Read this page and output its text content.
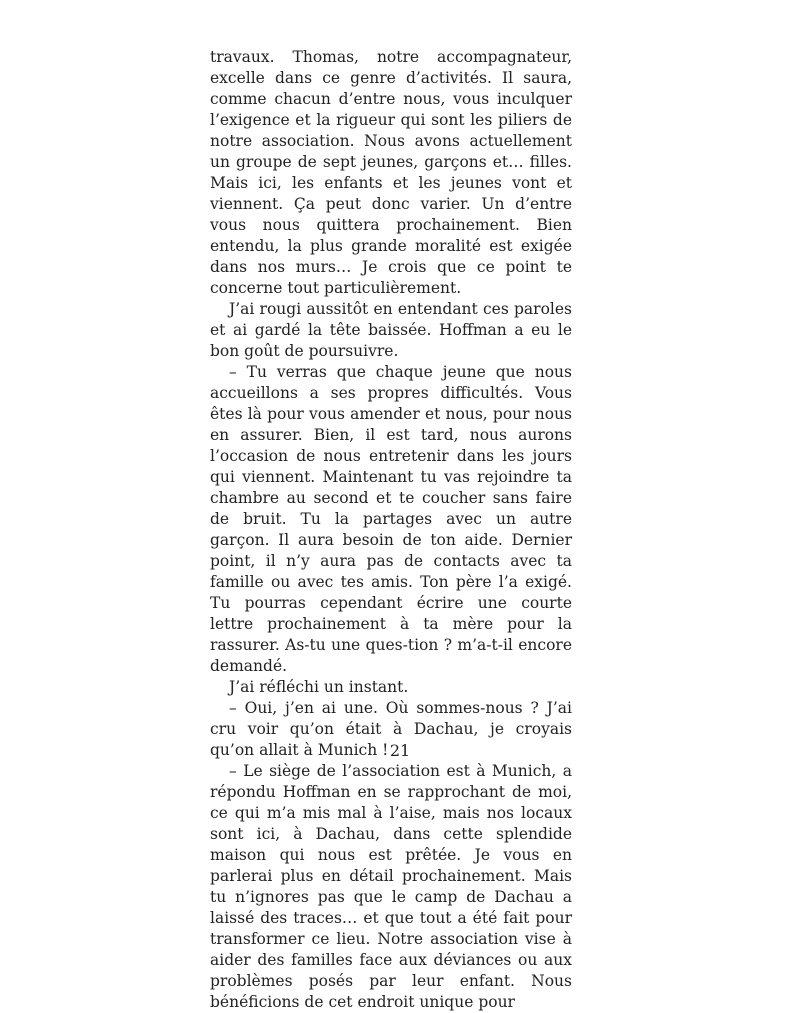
travaux. Thomas, notre accompagnateur, excelle dans ce genre d’activités. Il saura, comme chacun d’entre nous, vous inculquer l’exigence et la rigueur qui sont les piliers de notre association. Nous avons actuellement un groupe de sept jeunes, garçons et… filles. Mais ici, les enfants et les jeunes vont et viennent. Ça peut donc varier. Un d’entre vous nous quittera prochainement. Bien entendu, la plus grande moralité est exigée dans nos murs… Je crois que ce point te concerne tout particulièrement.

J’ai rougi aussitôt en entendant ces paroles et ai gardé la tête baissée. Hoffman a eu le bon goût de poursuivre.

– Tu verras que chaque jeune que nous accueillons a ses propres difficultés. Vous êtes là pour vous amender et nous, pour nous en assurer. Bien, il est tard, nous aurons l’occasion de nous entretenir dans les jours qui viennent. Maintenant tu vas rejoindre ta chambre au second et te coucher sans faire de bruit. Tu la partages avec un autre garçon. Il aura besoin de ton aide. Dernier point, il n’y aura pas de contacts avec ta famille ou avec tes amis. Ton père l’a exigé. Tu pourras cependant écrire une courte lettre prochainement à ta mère pour la rassurer. As-tu une ques-tion ? m’a-t-il encore demandé.

J’ai réfléchi un instant.

– Oui, j’en ai une. Où sommes-nous ? J’ai cru voir qu’on était à Dachau, je croyais qu’on allait à Munich !

– Le siège de l’association est à Munich, a répondu Hoffman en se rapprochant de moi, ce qui m’a mis mal à l’aise, mais nos locaux sont ici, à Dachau, dans cette splendide maison qui nous est prêtée. Je vous en parlerai plus en détail prochainement. Mais tu n’ignores pas que le camp de Dachau a laissé des traces… et que tout a été fait pour transformer ce lieu. Notre association vise à aider des familles face aux déviances ou aux problèmes posés par leur enfant. Nous bénéficions de cet endroit unique pour

21
